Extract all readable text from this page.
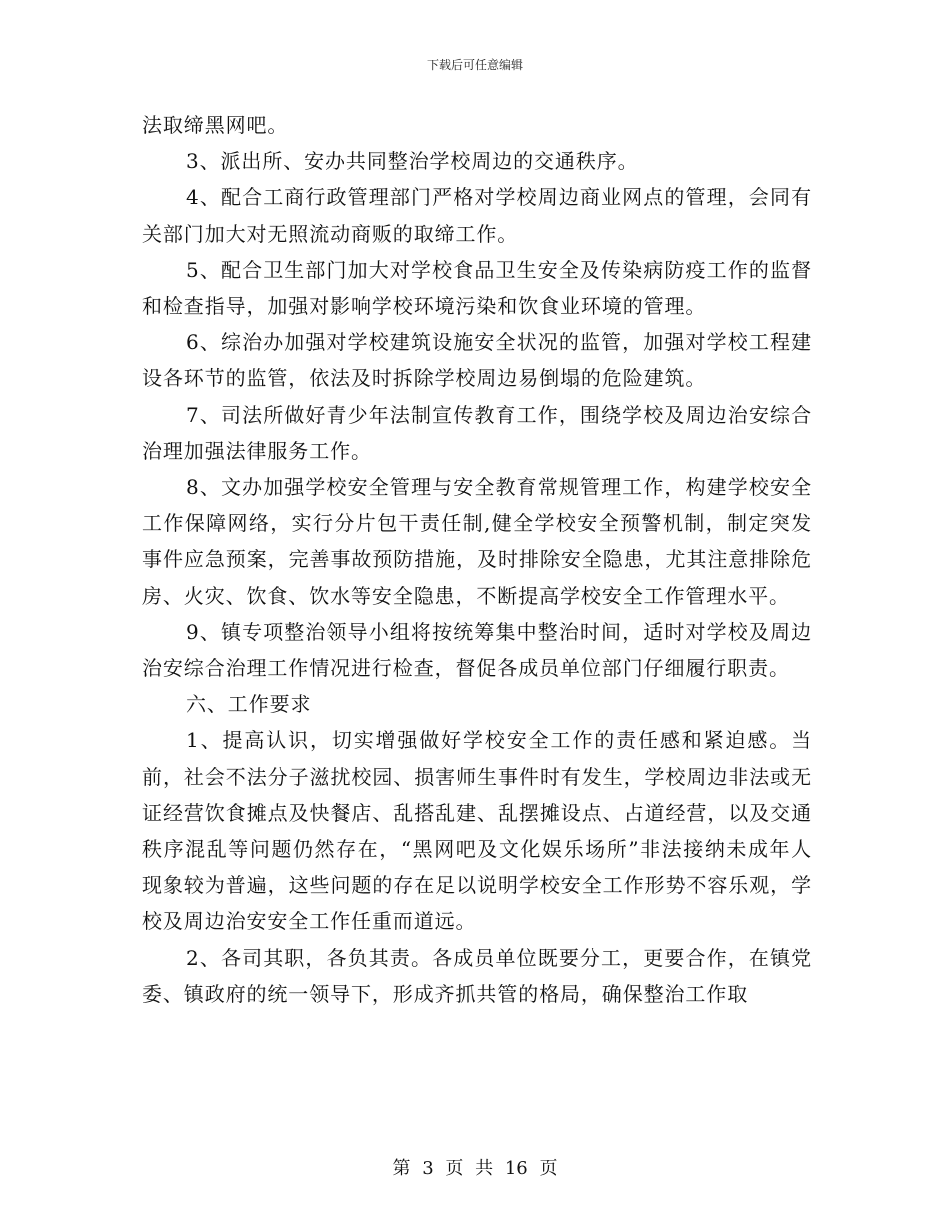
下载后可任意编辑

法取缔黑网吧。

3、派出所、安办共同整治学校周边的交通秩序。

4、配合工商行政管理部门严格对学校周边商业网点的管理，会同有关部门加大对无照流动商贩的取缔工作。

5、配合卫生部门加大对学校食品卫生安全及传染病防疫工作的监督和检查指导，加强对影响学校环境污染和饮食业环境的管理。

6、综治办加强对学校建筑设施安全状况的监管，加强对学校工程建设各环节的监管，依法及时拆除学校周边易倒塌的危险建筑。

7、司法所做好青少年法制宣传教育工作，围绕学校及周边治安综合治理加强法律服务工作。

8、文办加强学校安全管理与安全教育常规管理工作，构建学校安全工作保障网络，实行分片包干责任制,健全学校安全预警机制，制定突发事件应急预案，完善事故预防措施，及时排除安全隐患，尤其注意排除危房、火灾、饮食、饮水等安全隐患，不断提高学校安全工作管理水平。

9、镇专项整治领导小组将按统筹集中整治时间，适时对学校及周边治安综合治理工作情况进行检查，督促各成员单位部门仔细履行职责。

六、工作要求

1、提高认识，切实增强做好学校安全工作的责任感和紧迫感。当前，社会不法分子滋扰校园、损害师生事件时有发生，学校周边非法或无证经营饮食摊点及快餐店、乱搭乱建、乱摆摊设点、占道经营，以及交通秩序混乱等问题仍然存在，“黑网吧及文化娱乐场所”非法接纳未成年人现象较为普遍，这些问题的存在足以说明学校安全工作形势不容乐观，学校及周边治安安全工作任重而道远。

2、各司其职，各负其责。各成员单位既要分工，更要合作，在镇党委、镇政府的统一领导下，形成齐抓共管的格局，确保整治工作取

第 3 页 共 16 页
